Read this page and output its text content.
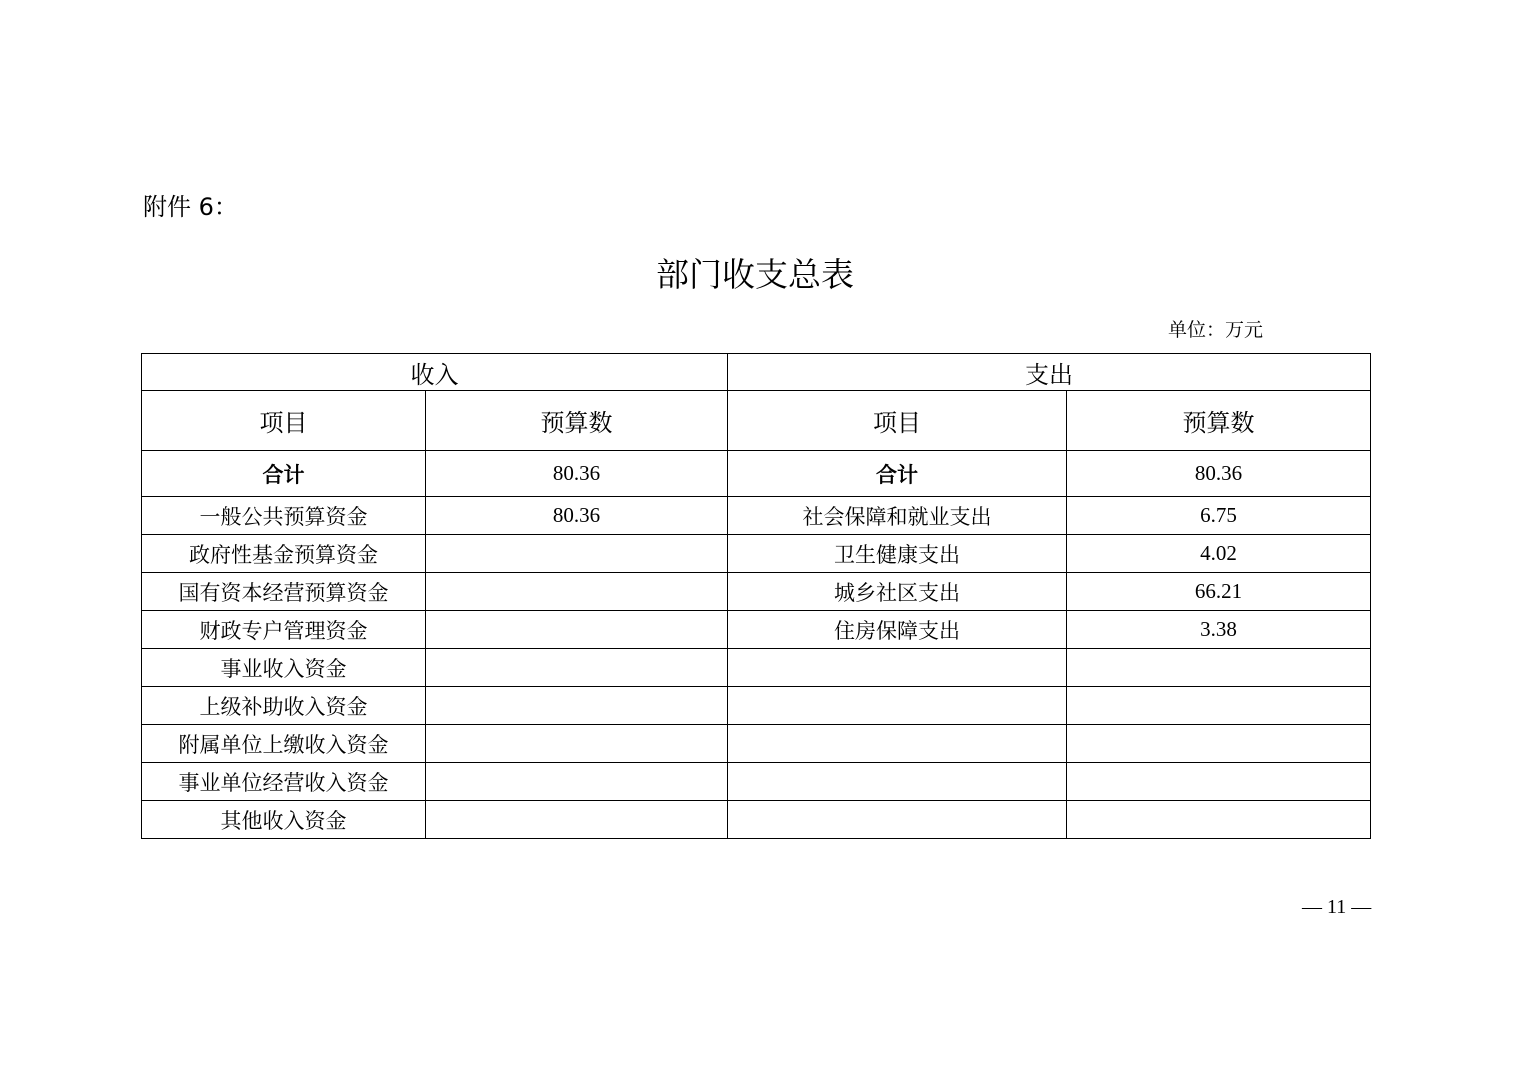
附件 6：
部门收支总表
单位：万元
收入		支出	
项目	预算数	项目	预算数
合计	80.36	合计	80.36
一般公共预算资金	80.36	社会保障和就业支出	6.75
政府性基金预算资金		卫生健康支出	4.02
国有资本经营预算资金		城乡社区支出	66.21
财政专户管理资金		住房保障支出	3.38
事业收入资金			
上级补助收入资金			
附属单位上缴收入资金			
事业单位经营收入资金			
其他收入资金			
— 11 —
